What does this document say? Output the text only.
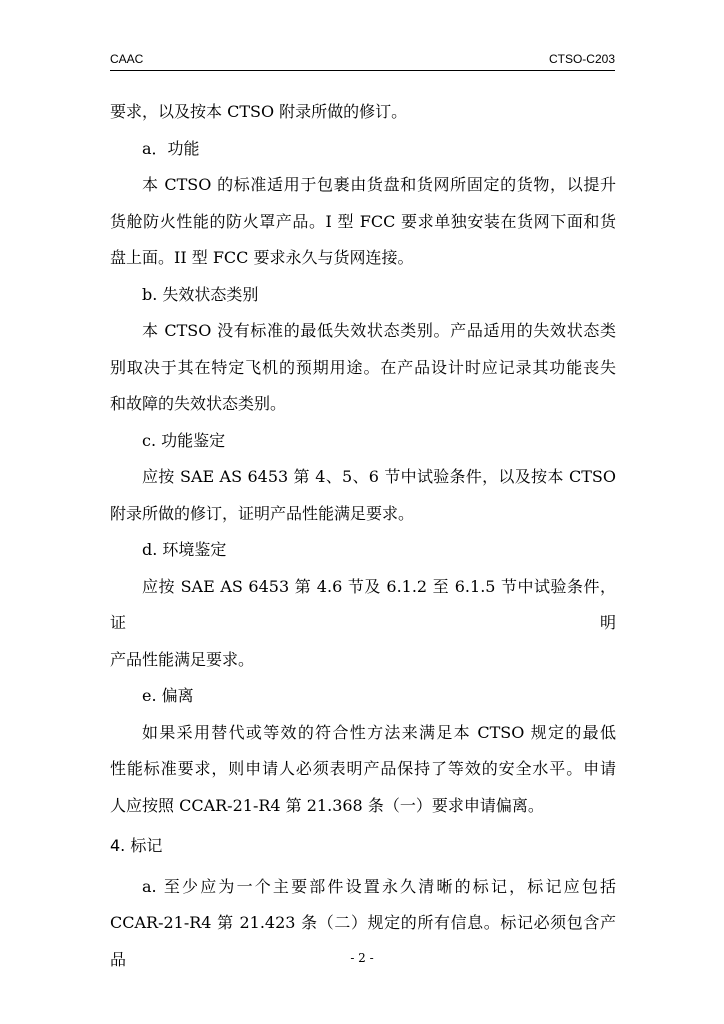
CAAC	CTSO-C203
要求，以及按本 CTSO 附录所做的修订。
a．功能
本 CTSO 的标准适用于包裹由货盘和货网所固定的货物，以提升
货舱防火性能的防火罩产品。I 型 FCC 要求单独安装在货网下面和货
盘上面。II 型 FCC 要求永久与货网连接。
b. 失效状态类别
本 CTSO 没有标准的最低失效状态类别。产品适用的失效状态类
别取决于其在特定飞机的预期用途。在产品设计时应记录其功能丧失
和故障的失效状态类别。
c. 功能鉴定
应按 SAE AS 6453 第 4、5、6 节中试验条件，以及按本 CTSO
附录所做的修订，证明产品性能满足要求。
d. 环境鉴定
应按 SAE AS 6453 第 4.6 节及 6.1.2 至 6.1.5 节中试验条件，证明
产品性能满足要求。
e. 偏离
如果采用替代或等效的符合性方法来满足本 CTSO 规定的最低
性能标准要求，则申请人必须表明产品保持了等效的安全水平。申请
人应按照 CCAR-21-R4 第 21.368 条（一）要求申请偏离。
4. 标记
a. 至少应为一个主要部件设置永久清晰的标记，标记应包括
CCAR-21-R4 第 21.423 条（二）规定的所有信息。标记必须包含产品	- 2 -
